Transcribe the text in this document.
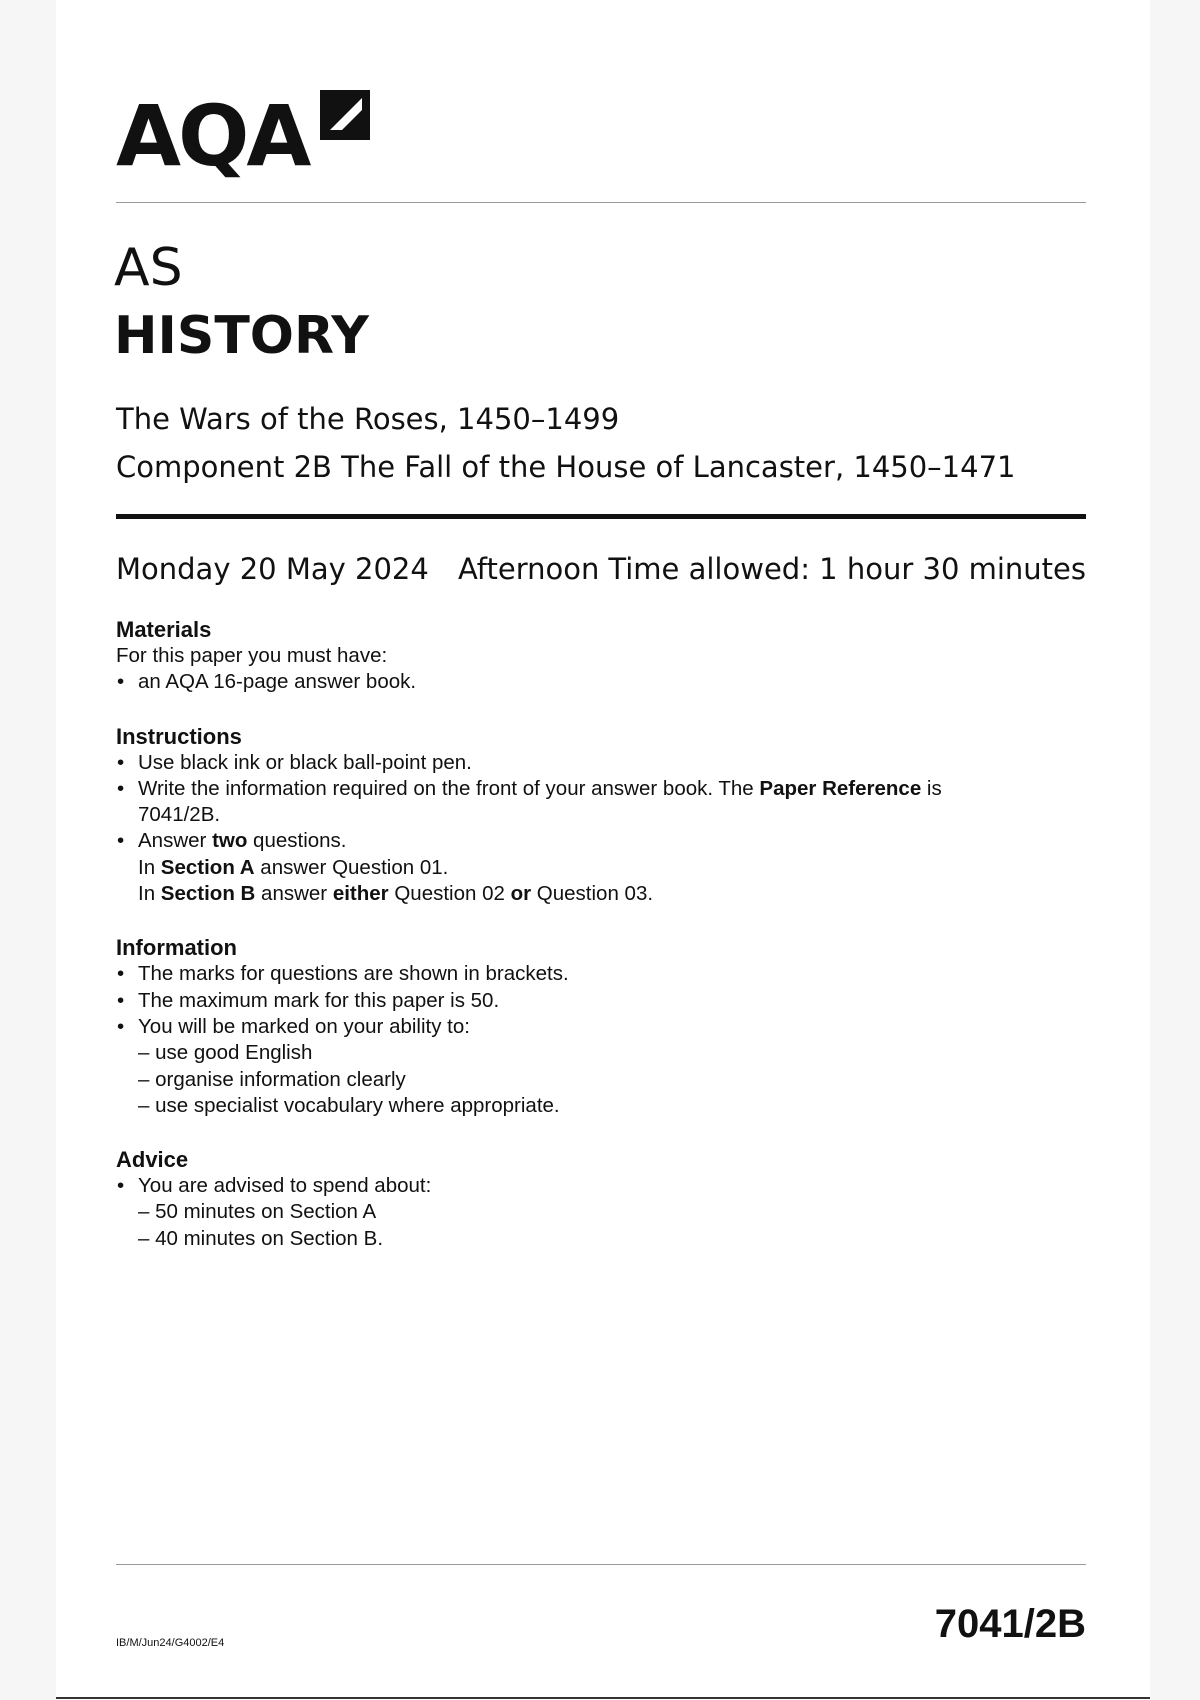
AQA
AS
HISTORY
The Wars of the Roses, 1450–1499
Component 2B The Fall of the House of Lancaster, 1450–1471
Monday 20 May 2024 Afternoon Time allowed: 1 hour 30 minutes

Materials

For this paper you must have:

• an AQA 16-page answer book.

Instructions

• Use black ink or black ball-point pen.

• Write the information required on the front of your answer book. The Paper Reference is

7041/2B.

• Answer two questions.

In Section A answer Question 01.

In Section B answer either Question 02 or Question 03.

Information

• The marks for questions are shown in brackets.

• The maximum mark for this paper is 50.

• You will be marked on your ability to:

– use good English

– organise information clearly

– use specialist vocabulary where appropriate.

Advice

• You are advised to spend about:

– 50 minutes on Section A

– 40 minutes on Section B.

IB/M/Jun24/G4002/E4	7041/2B
